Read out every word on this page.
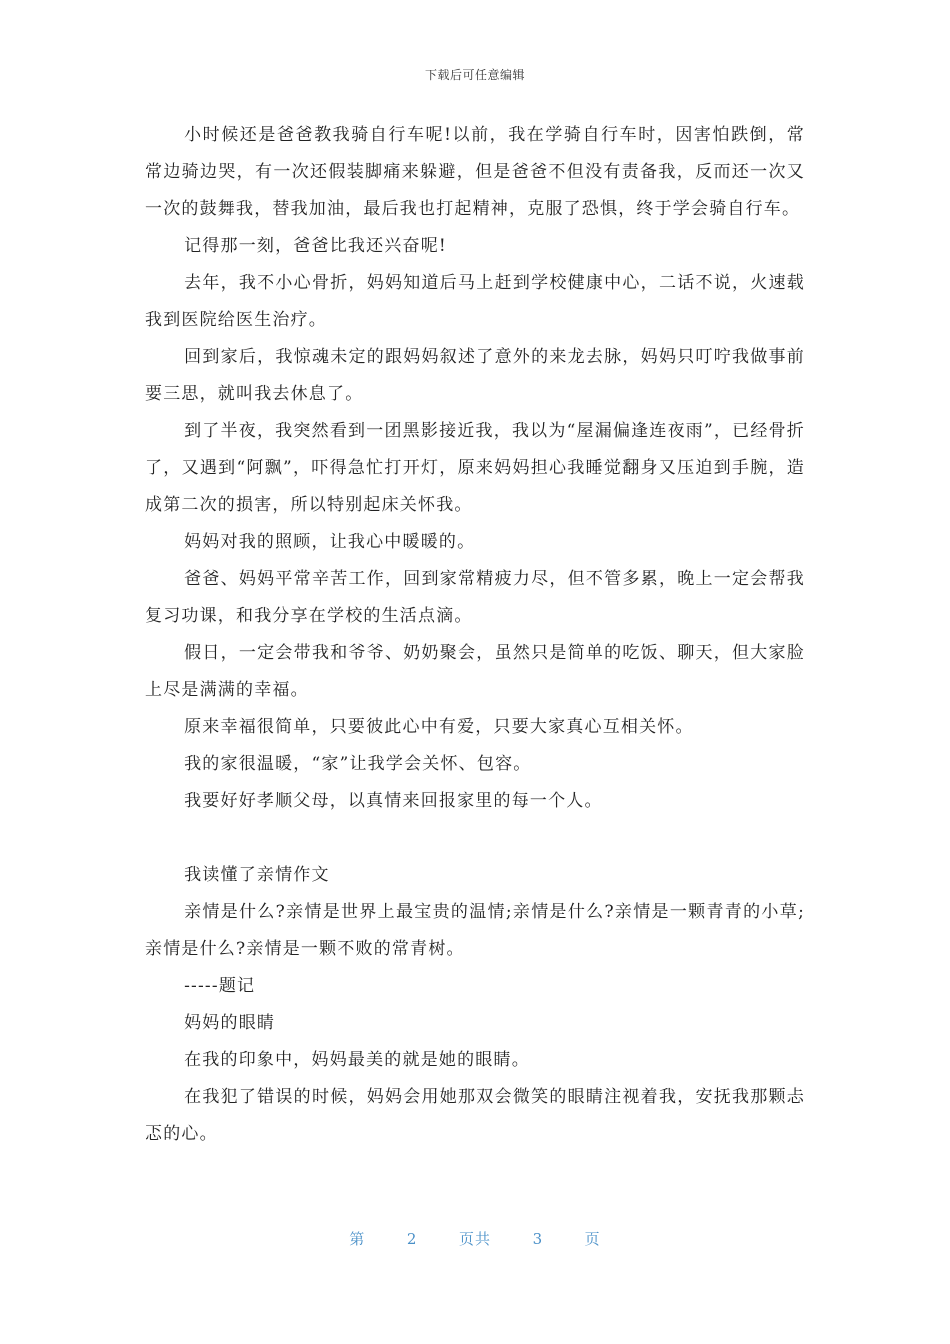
下载后可任意编辑

小时候还是爸爸教我骑自行车呢!以前，我在学骑自行车时，因害怕跌倒，常常边骑边哭，有一次还假装脚痛来躲避，但是爸爸不但没有责备我，反而还一次又一次的鼓舞我，替我加油，最后我也打起精神，克服了恐惧，终于学会骑自行车。

记得那一刻，爸爸比我还兴奋呢!

去年，我不小心骨折，妈妈知道后马上赶到学校健康中心，二话不说，火速载我到医院给医生治疗。

回到家后，我惊魂未定的跟妈妈叙述了意外的来龙去脉，妈妈只叮咛我做事前要三思，就叫我去休息了。

到了半夜，我突然看到一团黑影接近我，我以为“屋漏偏逢连夜雨”，已经骨折了，又遇到“阿飘”，吓得急忙打开灯，原来妈妈担心我睡觉翻身又压迫到手腕，造成第二次的损害，所以特别起床关怀我。

妈妈对我的照顾，让我心中暖暖的。

爸爸、妈妈平常辛苦工作，回到家常精疲力尽，但不管多累，晚上一定会帮我复习功课，和我分享在学校的生活点滴。

假日，一定会带我和爷爷、奶奶聚会，虽然只是简单的吃饭、聊天，但大家脸上尽是满满的幸福。

原来幸福很简单，只要彼此心中有爱，只要大家真心互相关怀。

我的家很温暖，“家”让我学会关怀、包容。

我要好好孝顺父母，以真情来回报家里的每一个人。

我读懂了亲情作文

亲情是什么?亲情是世界上最宝贵的温情;亲情是什么?亲情是一颗青青的小草;亲情是什么?亲情是一颗不败的常青树。

-----题记

妈妈的眼睛

在我的印象中，妈妈最美的就是她的眼睛。

在我犯了错误的时候，妈妈会用她那双会微笑的眼睛注视着我，安抚我那颗忐忑的心。

第	2	页共	3	页
